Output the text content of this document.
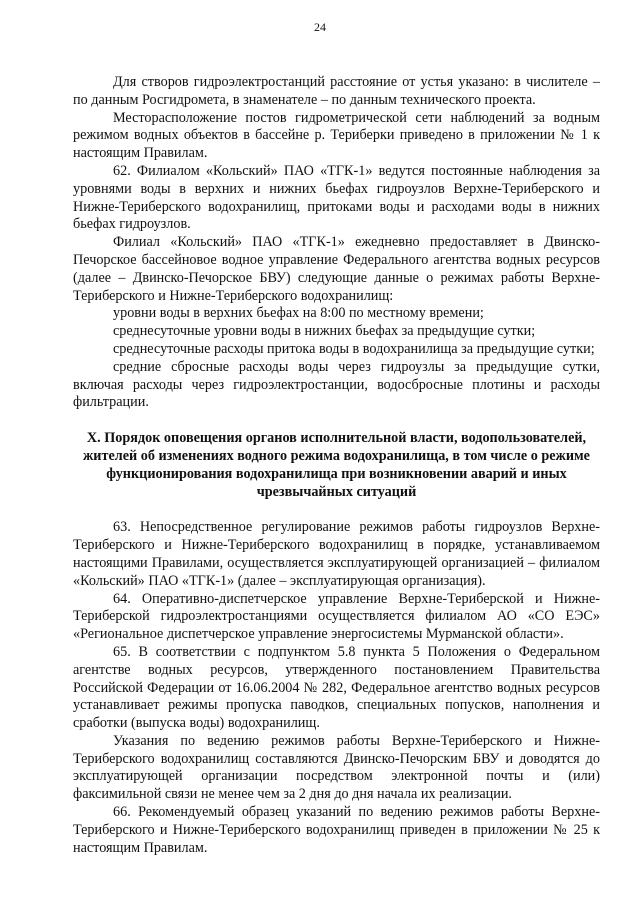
24

Для створов гидроэлектростанций расстояние от устья указано: в числителе – по данным Росгидромета, в знаменателе – по данным технического проекта.

Месторасположение постов гидрометрической сети наблюдений за водным режимом водных объектов в бассейне р. Териберки приведено в приложении № 1 к настоящим Правилам.

62. Филиалом «Кольский» ПАО «ТГК-1» ведутся постоянные наблюдения за уровнями воды в верхних и нижних бьефах гидроузлов Верхне-Териберского и Нижне-Териберского водохранилищ, притоками воды и расходами воды в нижних бьефах гидроузлов.

Филиал «Кольский» ПАО «ТГК-1» ежедневно предоставляет в Двинско-Печорское бассейновое водное управление Федерального агентства водных ресурсов (далее – Двинско-Печорское БВУ) следующие данные о режимах работы Верхне-Териберского и Нижне-Териберского водохранилищ:

уровни воды в верхних бьефах на 8:00 по местному времени;

среднесуточные уровни воды в нижних бьефах за предыдущие сутки;

среднесуточные расходы притока воды в водохранилища за предыдущие сутки;

средние сбросные расходы воды через гидроузлы за предыдущие сутки, включая расходы через гидроэлектростанции, водосбросные плотины и расходы фильтрации.

X. Порядок оповещения органов исполнительной власти, водопользователей, жителей об изменениях водного режима водохранилища, в том числе о режиме функционирования водохранилища при возникновении аварий и иных чрезвычайных ситуаций

63. Непосредственное регулирование режимов работы гидроузлов Верхне-Териберского и Нижне-Териберского водохранилищ в порядке, устанавливаемом настоящими Правилами, осуществляется эксплуатирующей организацией – филиалом «Кольский» ПАО «ТГК-1» (далее – эксплуатирующая организация).

64. Оперативно-диспетчерское управление Верхне-Териберской и Нижне-Териберской гидроэлектростанциями осуществляется филиалом АО «СО ЕЭС» «Региональное диспетчерское управление энергосистемы Мурманской области».

65. В соответствии с подпунктом 5.8 пункта 5 Положения о Федеральном агентстве водных ресурсов, утвержденного постановлением Правительства Российской Федерации от 16.06.2004 № 282, Федеральное агентство водных ресурсов устанавливает режимы пропуска паводков, специальных попусков, наполнения и сработки (выпуска воды) водохранилищ.

Указания по ведению режимов работы Верхне-Териберского и Нижне-Териберского водохранилищ составляются Двинско-Печорским БВУ и доводятся до эксплуатирующей организации посредством электронной почты и (или) факсимильной связи не менее чем за 2 дня до дня начала их реализации.

66. Рекомендуемый образец указаний по ведению режимов работы Верхне-Териберского и Нижне-Териберского водохранилищ приведен в приложении № 25 к настоящим Правилам.
